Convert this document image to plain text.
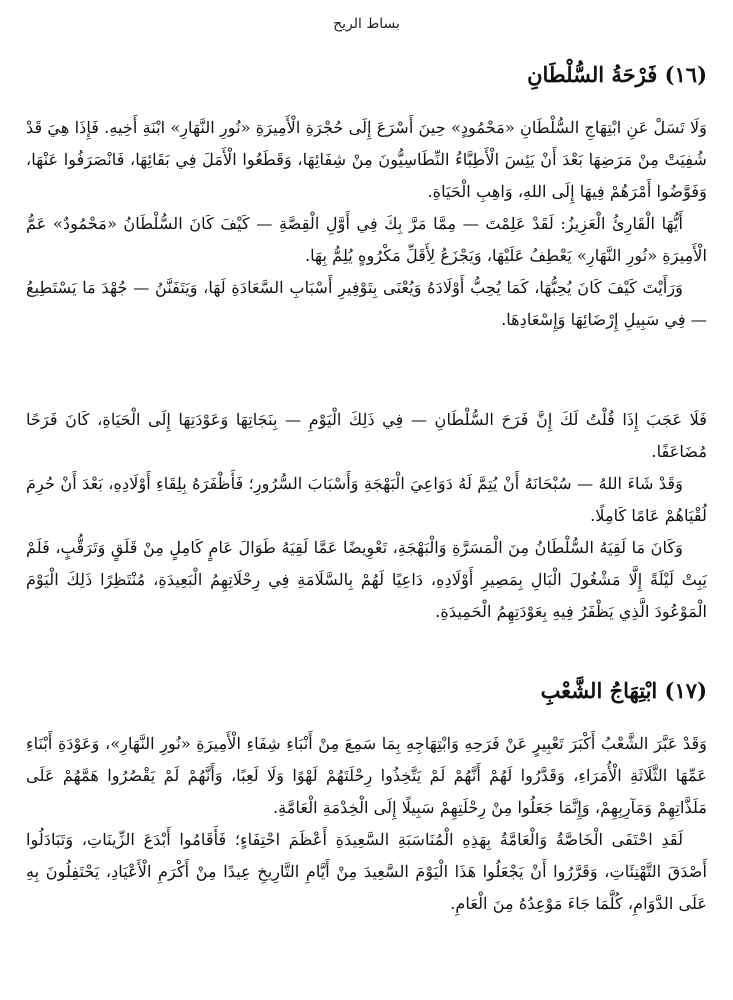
بساط الريح
(١٦) فَرْحَةُ السُّلْطَانِ

وَلَا تَسَلْ عَنِ ابْتِهَاجِ السُّلْطَانِ «مَحْمُودٍ» حِينَ أَسْرَعَ إِلَى حُجْرَةِ الْأَمِيرَةِ «نُورِ النَّهَارِ» ابْنَةِ أَخِيهِ. فَإِذَا هِيَ قَدْ شُفِيَتْ مِنْ مَرَضِهَا بَعْدَ أَنْ يَئِسَ الْأَطِبَّاءُ النِّطَاسِيُّونَ مِنْ شِفَائِهَا، وَقَطَعُوا الْأَمَلَ فِي بَقَائِهَا، فَانْصَرَفُوا عَنْهَا، وَفَوَّضُوا أَمْرَهُمْ فِيهَا إِلَى اللهِ، وَاهِبِ الْحَيَاةِ.

أَيُّهَا الْقَارِئُ الْعَزِيزُ: لَقَدْ عَلِمْتَ — مِمَّا مَرَّ بِكَ فِي أَوَّلِ الْقِصَّةِ — كَيْفَ كَانَ السُّلْطَانُ «مَحْمُودٌ» عَمُّ الْأَمِيرَةِ «نُورِ النَّهَارِ» يَعْطِفُ عَلَيْهَا، وَيَجْزَعُ لِأَقَلِّ مَكْرُوهٍ يُلِمُّ بِهَا.

وَرَأَيْتَ كَيْفَ كَانَ يُحِبُّهَا، كَمَا يُحِبُّ أَوْلَادَهُ وَيُعْنَى بِتَوْفِيرِ أَسْبَابِ السَّعَادَةِ لَهَا، وَيَتَفَنَّنُ — جُهْدَ مَا يَسْتَطِيعُ — فِي سَبِيلِ إِرْضَائِهَا وَإِسْعَادِهَا.

فَلَا عَجَبَ إِذَا قُلْتُ لَكَ إِنَّ فَرَحَ السُّلْطَانِ — فِي ذَلِكَ الْيَوْمِ — بِنَجَاتِهَا وَعَوْدَتِهَا إِلَى الْحَيَاةِ، كَانَ فَرَحًا مُضَاعَفًا.

وَقَدْ شَاءَ اللهُ — سُبْحَانَهُ أَنْ يُتِمَّ لَهُ دَوَاعِيَ الْبَهْجَةِ وَأَسْبَابَ السُّرُورِ؛ فَأَظْفَرَهُ بِلِقَاءِ أَوْلَادِهِ، بَعْدَ أَنْ حُرِمَ لُقْيَاهُمْ عَامًا كَامِلًا.

وَكَانَ مَا لَقِيَهُ السُّلْطَانُ مِنَ الْمَسَرَّةِ وَالْبَهْجَةِ، تَعْوِيضًا عَمَّا لَقِيَهُ طَوَالَ عَامٍ كَامِلٍ مِنْ قَلَقٍ وَتَرَقُّبٍ، فَلَمْ يَبِتْ لَيْلَةً إِلَّا مَشْغُولَ الْبَالِ بِمَصِيرِ أَوْلَادِهِ، دَاعِيًا لَهُمْ بِالسَّلَامَةِ فِي رِحْلَاتِهِمُ الْبَعِيدَةِ، مُنْتَظِرًا ذَلِكَ الْيَوْمَ الْمَوْعُودَ الَّذِي يَظْفَرُ فِيهِ بِعَوْدَتِهِمُ الْحَمِيدَةِ.

(١٧) ابْتِهَاجُ الشَّعْبِ

وَقَدْ عَبَّرَ الشَّعْبُ أَكْبَرَ تَعْبِيرٍ عَنْ فَرَحِهِ وَابْتِهَاجِهِ بِمَا سَمِعَ مِنْ أَنْبَاءِ شِفَاءِ الْأَمِيرَةِ «نُورِ النَّهَارِ»، وَعَوْدَةِ أَبْنَاءِ عَمِّهَا الثَّلَاثَةِ الْأُمَرَاءِ، وَقَدَّرُوا لَهُمْ أَنَّهُمْ لَمْ يَتَّخِذُوا رِحْلَتَهُمْ لَهْوًا وَلَا لَعِبًا، وَأَنَّهُمْ لَمْ يَقْصُرُوا هَمَّهُمْ عَلَى مَلَذَّاتِهِمْ وَمَآرِبِهِمْ، وَإِنَّمَا جَعَلُوا مِنْ رِحْلَتِهِمْ سَبِيلًا إِلَى الْخِدْمَةِ الْعَامَّةِ.

لَقَدِ احْتَفَى الْخَاصَّةُ وَالْعَامَّةُ بِهَذِهِ الْمُنَاسَبَةِ السَّعِيدَةِ أَعْظَمَ احْتِفَاءٍ؛ فَأَقَامُوا أَبْدَعَ الزِّينَاتِ، وَتَبَادَلُوا أَصْدَقَ التَّهْنِئَاتِ، وَقَرَّرُوا أَنْ يَجْعَلُوا هَذَا الْيَوْمَ السَّعِيدَ مِنْ أَيَّامِ التَّارِيخِ عِيدًا مِنْ أَكْرَمِ الْأَعْيَادِ، يَحْتَفِلُونَ بِهِ عَلَى الدَّوَامِ، كُلَّمَا جَاءَ مَوْعِدُهُ مِنَ الْعَامِ.
